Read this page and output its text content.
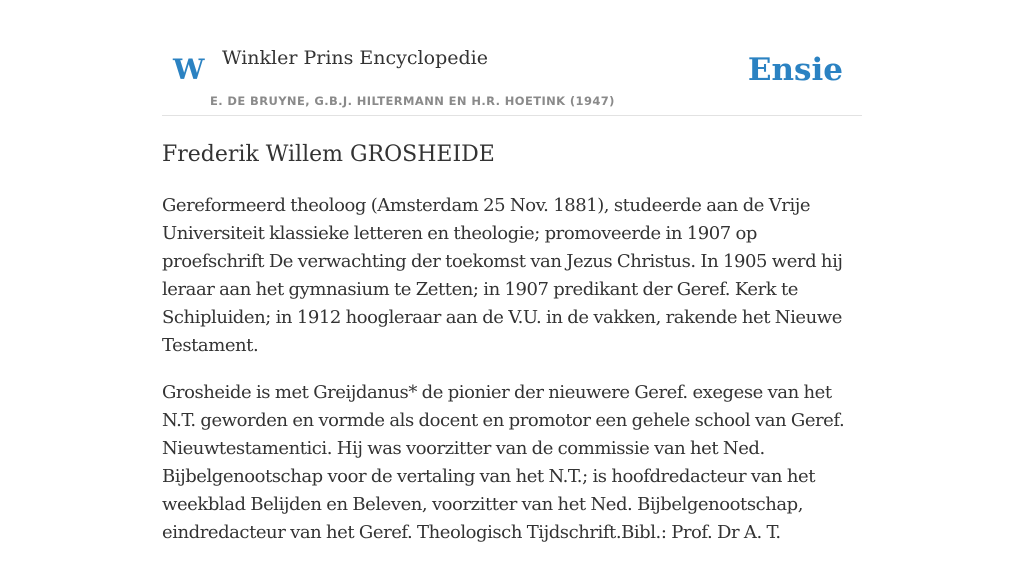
W Winkler Prins Encyclopedie
E. DE BRUYNE, G.B.J. HILTERMANN EN H.R. HOETINK (1947)
Ensie
Frederik Willem GROSHEIDE

Gereformeerd theoloog (Amsterdam 25 Nov. 1881), studeerde aan de Vrije Universiteit klassieke letteren en theologie; promoveerde in 1907 op proefschrift De verwachting der toekomst van Jezus Christus. In 1905 werd hij leraar aan het gymnasium te Zetten; in 1907 predikant der Geref. Kerk te Schipluiden; in 1912 hoogleraar aan de V.U. in de vakken, rakende het Nieuwe Testament.

Grosheide is met Greijdanus* de pionier der nieuwere Geref. exegese van het N.T. geworden en vormde als docent en promotor een gehele school van Geref. Nieuwtestamentici. Hij was voorzitter van de commissie van het Ned. Bijbelgenootschap voor de vertaling van het N.T.; is hoofdredacteur van het weekblad Belijden en Beleven, voorzitter van het Ned. Bijbelgenootschap, eindredacteur van het Geref. Theologisch Tijdschrift.Bibl.: Prof. Dr A. T.
